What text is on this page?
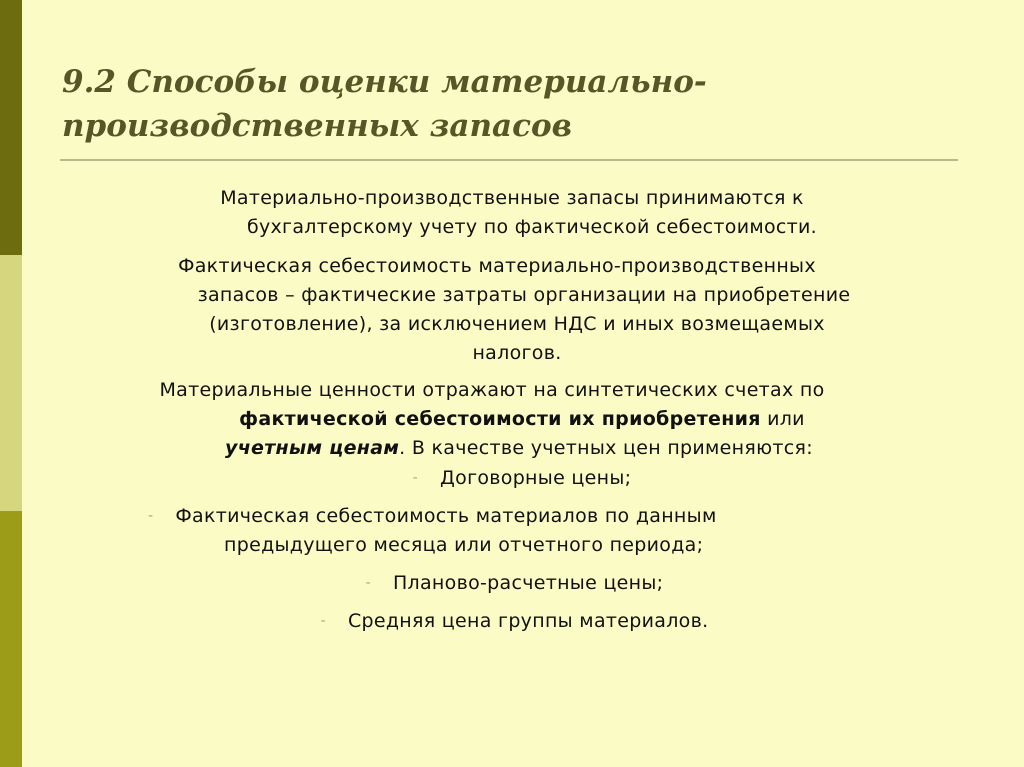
9.2 Способы оценки материально-
производственных запасов

Материально-производственные запасы принимаются к
бухгалтерскому учету по фактической себестоимости.

Фактическая себестоимость материально-производственных
запасов – фактические затраты организации на приобретение
(изготовление), за исключением НДС и иных возмещаемых
налогов.

Материальные ценности отражают на синтетических счетах по
фактической себестоимости их приобретения или
учетным ценам. В качестве учетных цен применяются:

- Договорные цены;

- Фактическая себестоимость материалов по данным
предыдущего месяца или отчетного периода;

- Планово-расчетные цены;

- Средняя цена группы материалов.
